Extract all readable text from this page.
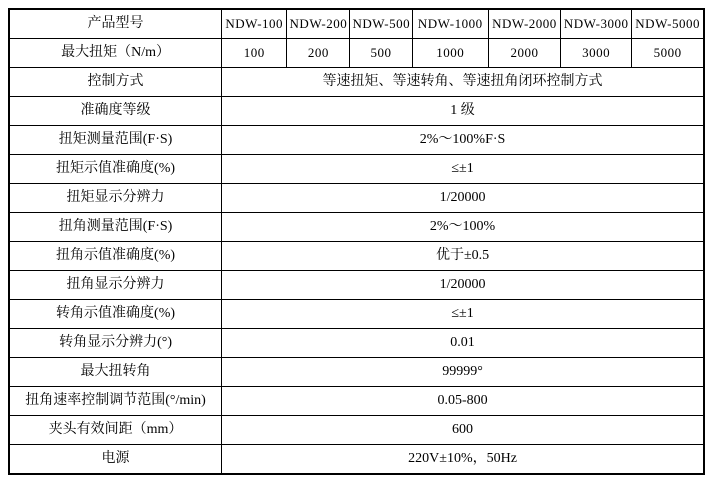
产品型号	NDW-100	NDW-200	NDW-500	NDW-1000	NDW-2000	NDW-3000	NDW-5000
最大扭矩（N/m）	100	200	500	1000	2000	3000	5000
控制方式	等速扭矩、等速转角、等速扭角闭环控制方式						
准确度等级	1 级						
扭矩测量范围(F·S)	2%～100%F·S						
扭矩示值准确度(%)	≤±1						
扭矩显示分辨力	1/20000						
扭角测量范围(F·S)	2%～100%						
扭角示值准确度(%)	优于±0.5						
扭角显示分辨力	1/20000						
转角示值准确度(%)	≤±1						
转角显示分辨力(°)	0.01						
最大扭转角	99999°						
扭角速率控制调节范围(°/min)	0.05-800						
夹头有效间距（mm）	600						
电源	220V±10%，50Hz						
